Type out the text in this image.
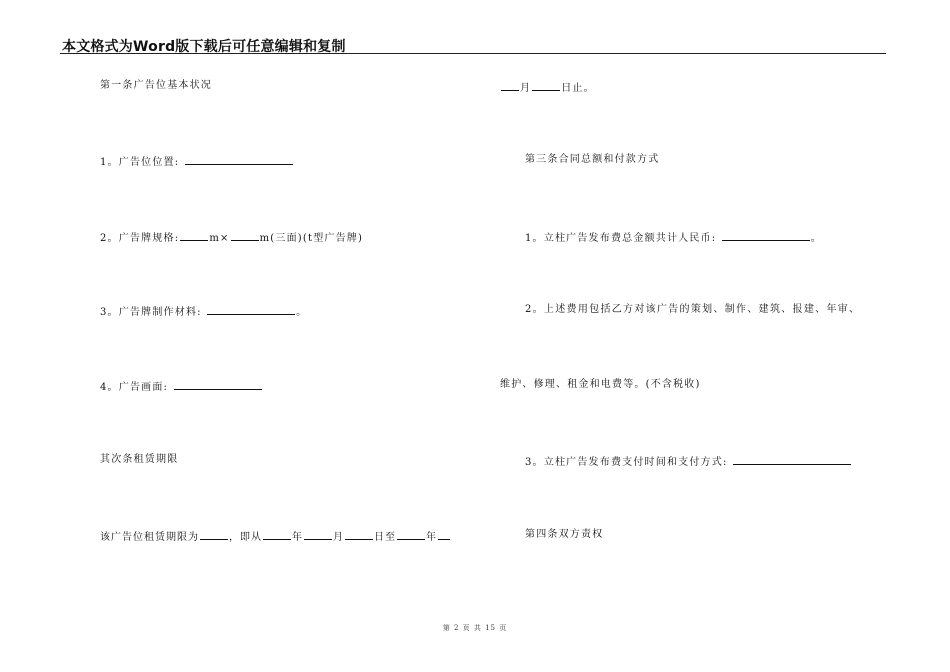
本文格式为Word版下载后可任意编辑和复制
第一条广告位基本状况
1。广告位位置:
2。广告牌规格:	m×	m(三面)(t型广告牌)
3。广告牌制作材料:	。
4。广告画面:
其次条租赁期限
该广告位租赁期限为	，即从	年	月	日至	年
月	日止。
第三条合同总额和付款方式
1。立柱广告发布费总金额共计人民币:	。
2。上述费用包括乙方对该广告的策划、制作、建筑、报建、年审、
维护、修理、租金和电费等。(不含税收)
3。立柱广告发布费支付时间和支付方式:
第四条双方责权
第 2 页 共 15 页
